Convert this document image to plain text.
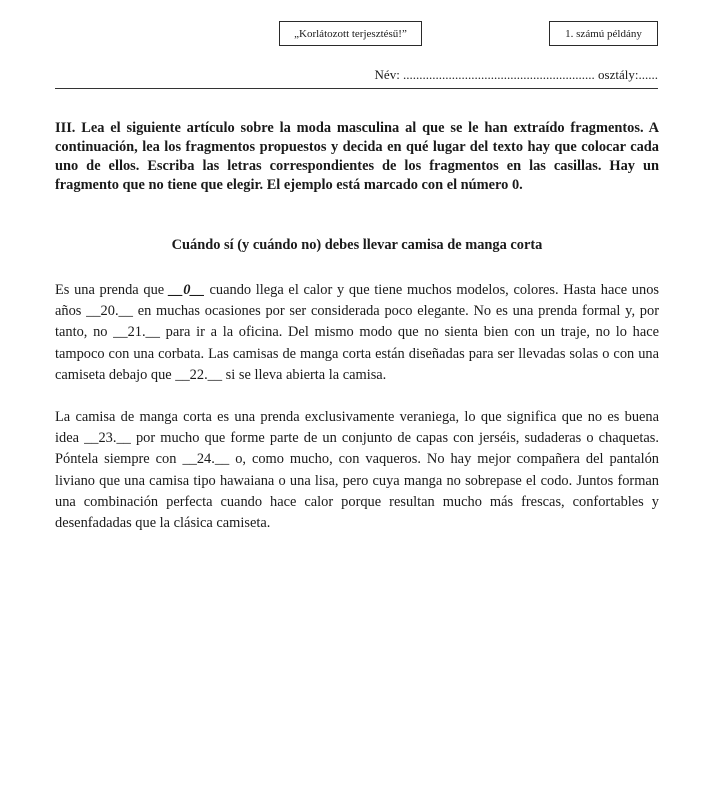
„Korlátozott terjesztésű!”	1. számú példány
Név: ........................................................... osztály:......

III. Lea el siguiente artículo sobre la moda masculina al que se le han extraído fragmentos. A continuación, lea los fragmentos propuestos y decida en qué lugar del texto hay que colocar cada uno de ellos. Escriba las letras correspondientes de los fragmentos en las casillas. Hay un fragmento que no tiene que elegir. El ejemplo está marcado con el número 0.

Cuándo sí (y cuándo no) debes llevar camisa de manga corta

Es una prenda que __0__ cuando llega el calor y que tiene muchos modelos, colores. Hasta hace unos años __20.__ en muchas ocasiones por ser considerada poco elegante. No es una prenda formal y, por tanto, no __21.__ para ir a la oficina. Del mismo modo que no sienta bien con un traje, no lo hace tampoco con una corbata. Las camisas de manga corta están diseñadas para ser llevadas solas o con una camiseta debajo que __22.__ si se lleva abierta la camisa.

La camisa de manga corta es una prenda exclusivamente veraniega, lo que significa que no es buena idea __23.__ por mucho que forme parte de un conjunto de capas con jerséis, sudaderas o chaquetas. Póntela siempre con __24.__ o, como mucho, con vaqueros. No hay mejor compañera del pantalón liviano que una camisa tipo hawaiana o una lisa, pero cuya manga no sobrepase el codo. Juntos forman una combinación perfecta cuando hace calor porque resultan mucho más frescas, confortables y desenfadadas que la clásica camiseta.
